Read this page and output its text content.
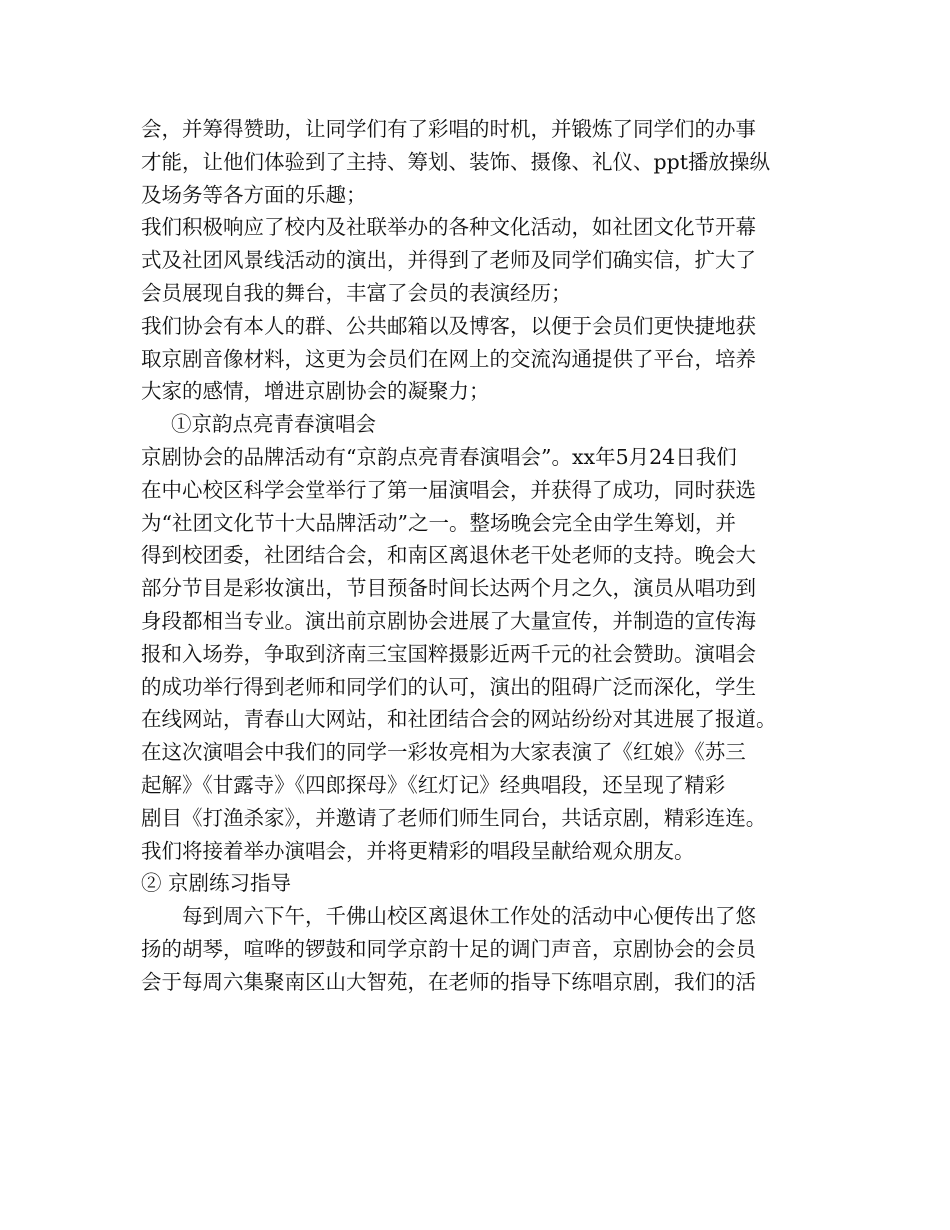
会，并筹得赞助，让同学们有了彩唱的时机，并锻炼了同学们的办事

才能，让他们体验到了主持、筹划、装饰、摄像、礼仪、ppt播放操纵

及场务等各方面的乐趣；

我们积极响应了校内及社联举办的各种文化活动，如社团文化节开幕

式及社团风景线活动的演出，并得到了老师及同学们确实信，扩大了

会员展现自我的舞台，丰富了会员的表演经历；

我们协会有本人的群、公共邮箱以及博客，以便于会员们更快捷地获

取京剧音像材料，这更为会员们在网上的交流沟通提供了平台，培养

大家的感情，增进京剧协会的凝聚力；

①京韵点亮青春演唱会

京剧协会的品牌活动有“京韵点亮青春演唱会”。xx年5月24日我们

在中心校区科学会堂举行了第一届演唱会，并获得了成功，同时获选

为“社团文化节十大品牌活动”之一。整场晚会完全由学生筹划，并

得到校团委，社团结合会，和南区离退休老干处老师的支持。晚会大

部分节目是彩妆演出，节目预备时间长达两个月之久，演员从唱功到

身段都相当专业。演出前京剧协会进展了大量宣传，并制造的宣传海

报和入场券，争取到济南三宝国粹摄影近两千元的社会赞助。演唱会

的成功举行得到老师和同学们的认可，演出的阻碍广泛而深化，学生

在线网站，青春山大网站，和社团结合会的网站纷纷对其进展了报道。

在这次演唱会中我们的同学一彩妆亮相为大家表演了《红娘》《苏三

起解》《甘露寺》《四郎探母》《红灯记》经典唱段，还呈现了精彩

剧目《打渔杀家》，并邀请了老师们师生同台，共话京剧，精彩连连。

我们将接着举办演唱会，并将更精彩的唱段呈献给观众朋友。

② 京剧练习指导

每到周六下午，千佛山校区离退休工作处的活动中心便传出了悠

扬的胡琴，喧哗的锣鼓和同学京韵十足的调门声音，京剧协会的会员

会于每周六集聚南区山大智苑，在老师的指导下练唱京剧，我们的活
